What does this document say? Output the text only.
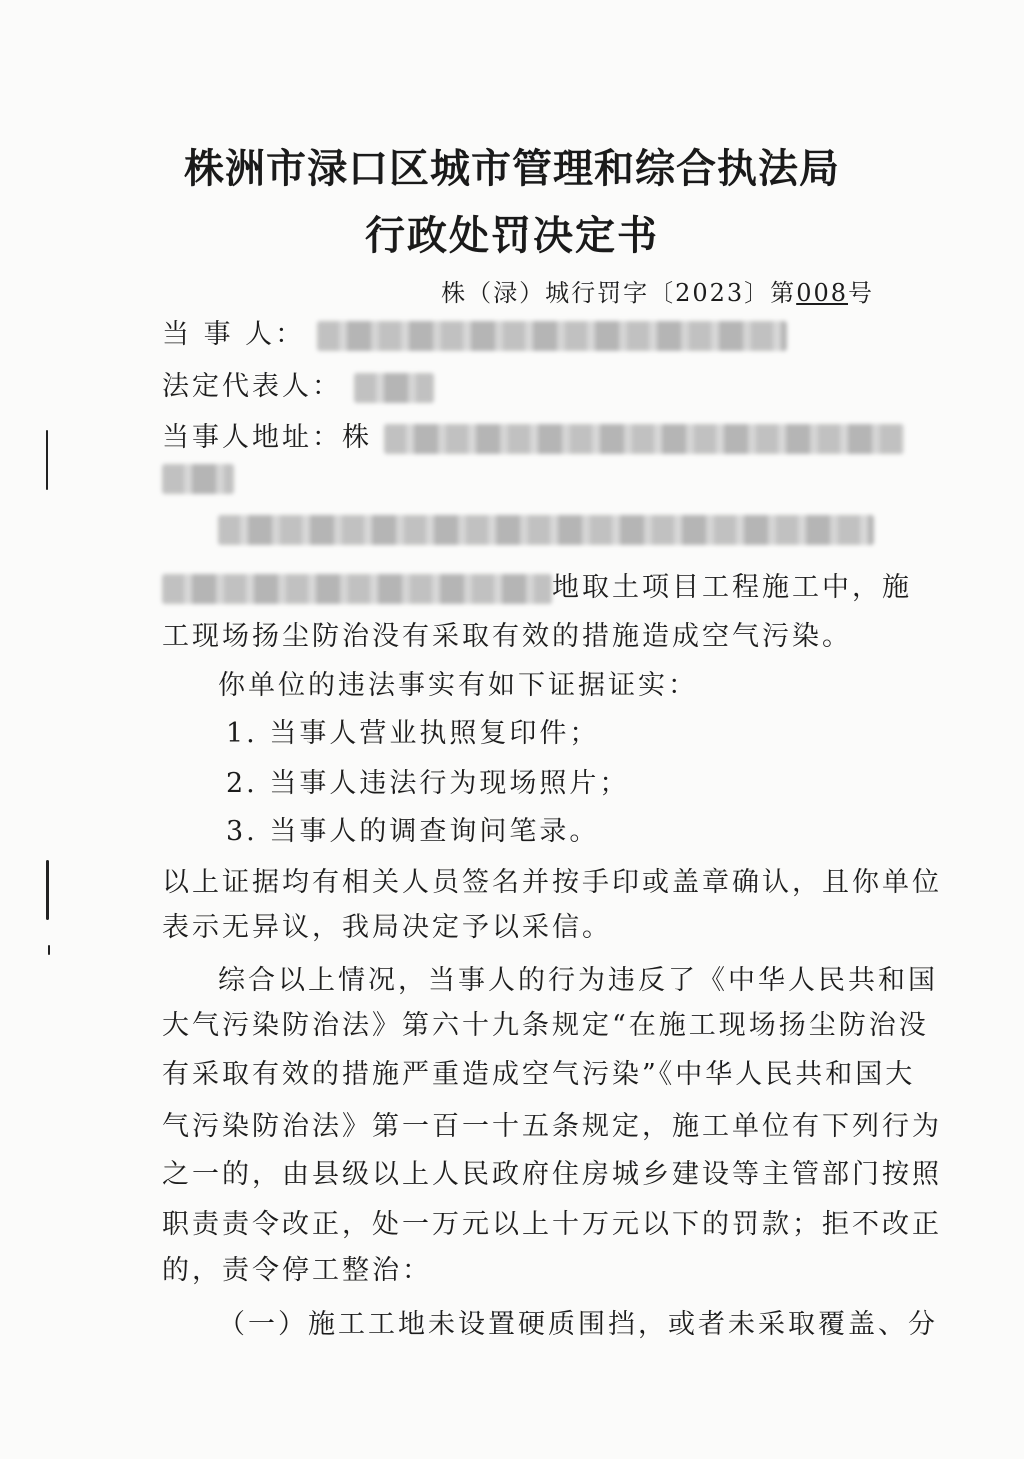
株洲市渌口区城市管理和综合执法局
行政处罚决定书
株（渌）城行罚字〔2023〕第008号
当 事 人：
法定代表人：
当事人地址：株
地取土项目工程施工中，施
工现场扬尘防治没有采取有效的措施造成空气污染。
你单位的违法事实有如下证据证实：
1. 当事人营业执照复印件；
2. 当事人违法行为现场照片；
3. 当事人的调查询问笔录。
以上证据均有相关人员签名并按手印或盖章确认，且你单位
表示无异议，我局决定予以采信。
综合以上情况，当事人的行为违反了《中华人民共和国
大气污染防治法》第六十九条规定“在施工现场扬尘防治没
有采取有效的措施严重造成空气污染”《中华人民共和国大
气污染防治法》第一百一十五条规定，施工单位有下列行为
之一的，由县级以上人民政府住房城乡建设等主管部门按照
职责责令改正，处一万元以上十万元以下的罚款；拒不改正
的，责令停工整治：
（一）施工工地未设置硬质围挡，或者未采取覆盖、分
